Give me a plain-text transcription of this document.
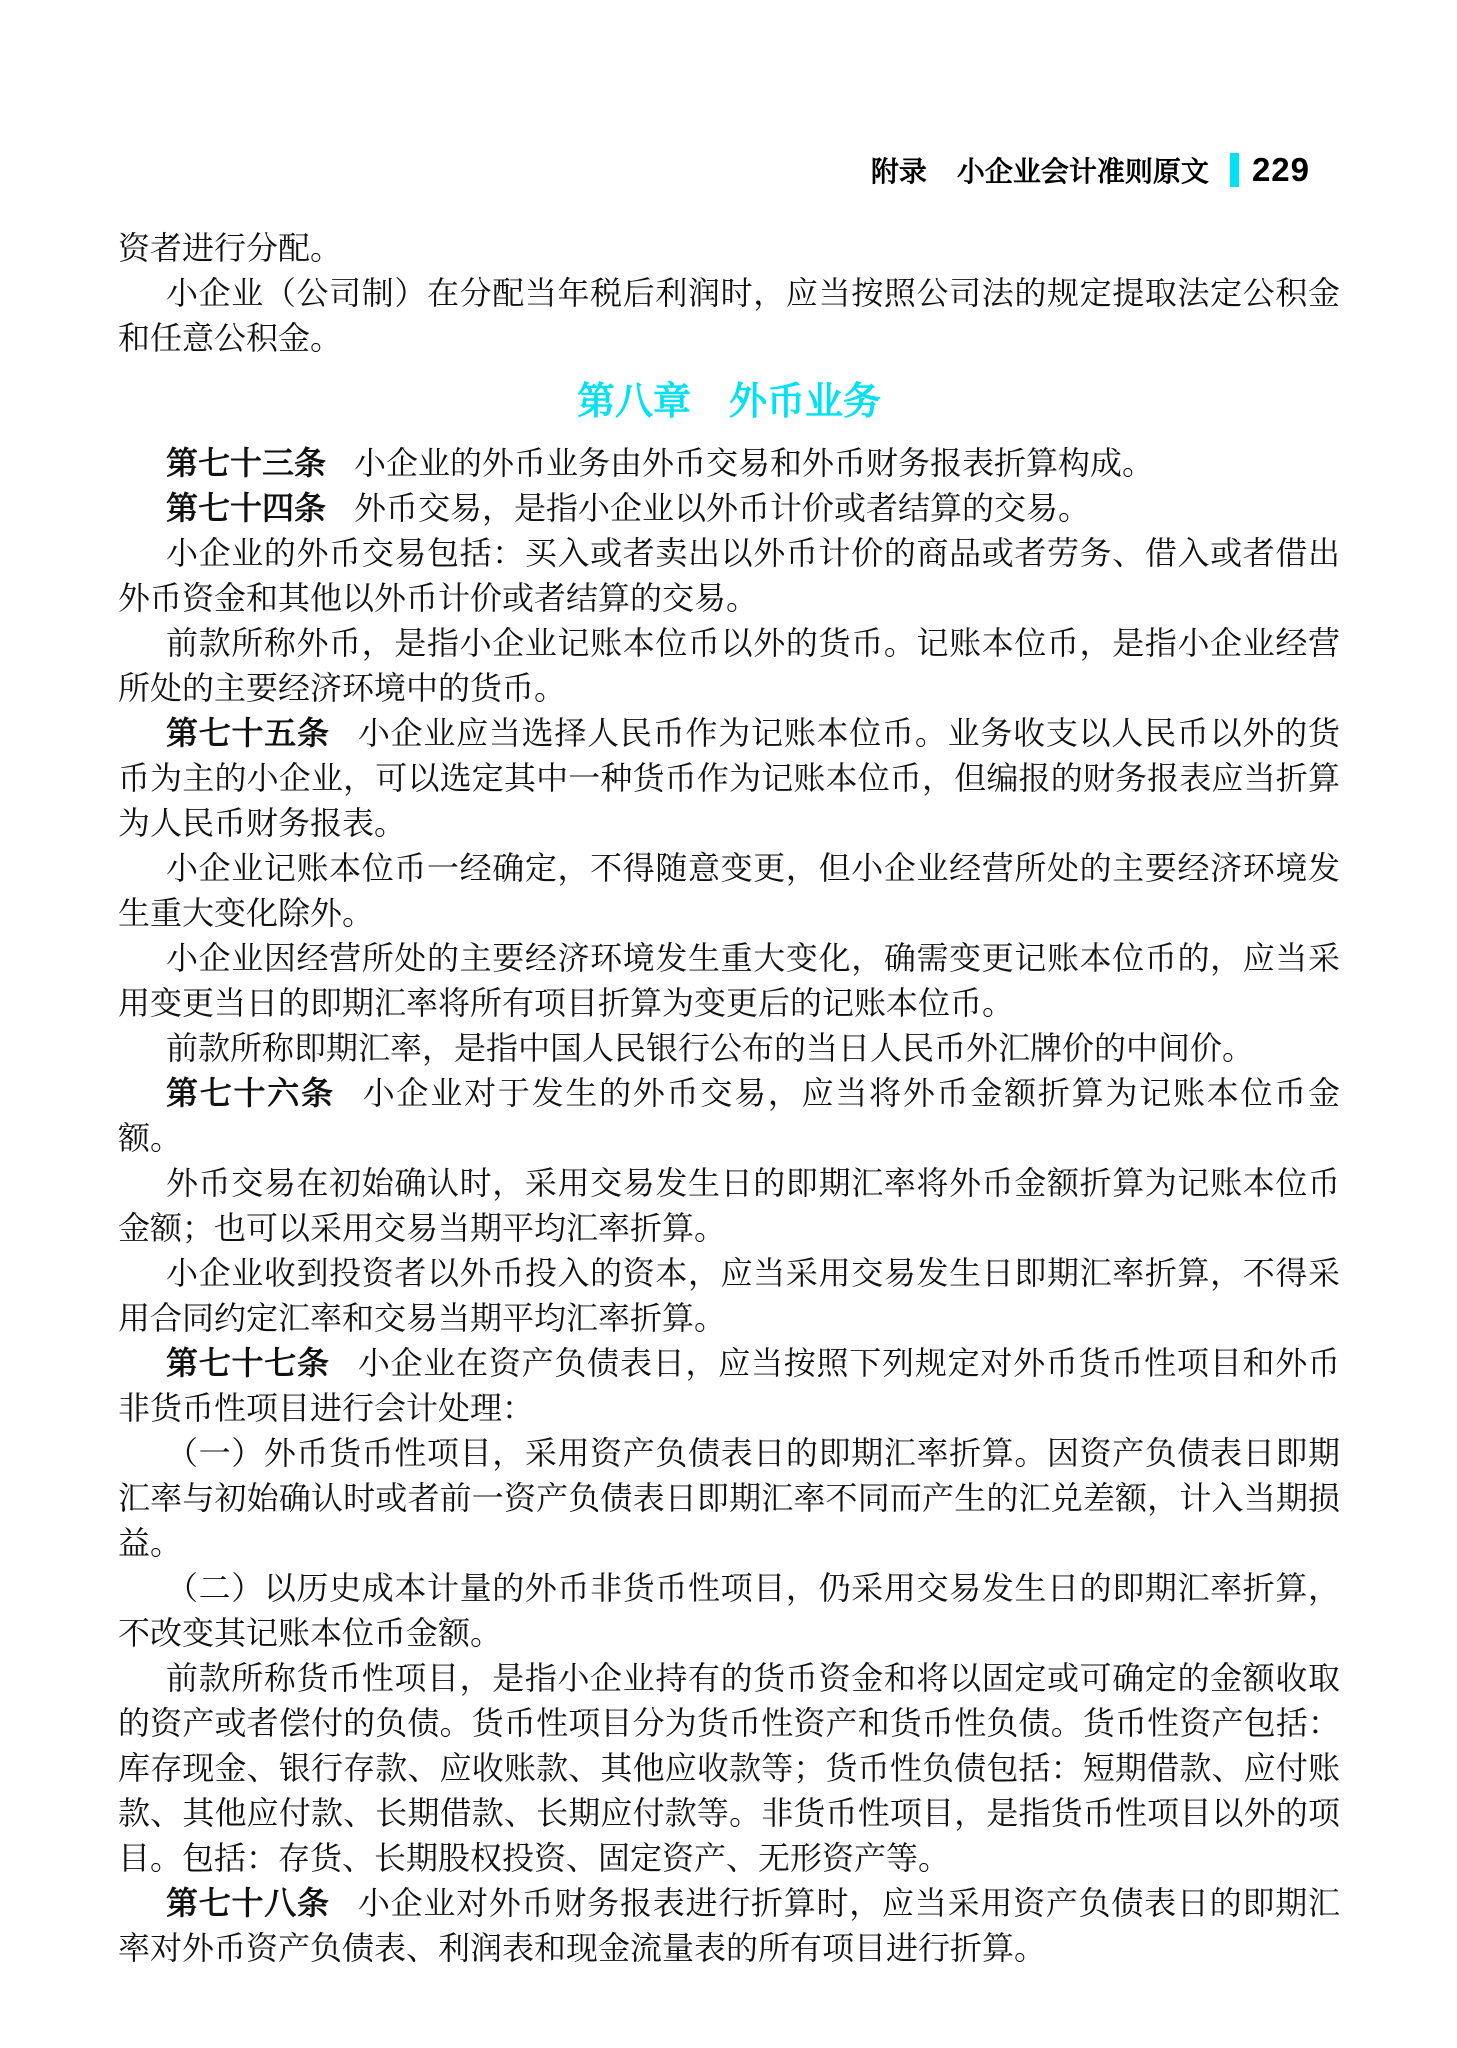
附录 小企业会计准则原文 229

资者进行分配。

小企业（公司制）在分配当年税后利润时，应当按照公司法的规定提取法定公积金和任意公积金。

第八章　外币业务

第七十三条 小企业的外币业务由外币交易和外币财务报表折算构成。

第七十四条 外币交易，是指小企业以外币计价或者结算的交易。

小企业的外币交易包括：买入或者卖出以外币计价的商品或者劳务、借入或者借出外币资金和其他以外币计价或者结算的交易。

前款所称外币，是指小企业记账本位币以外的货币。记账本位币，是指小企业经营所处的主要经济环境中的货币。

第七十五条 小企业应当选择人民币作为记账本位币。业务收支以人民币以外的货币为主的小企业，可以选定其中一种货币作为记账本位币，但编报的财务报表应当折算为人民币财务报表。

小企业记账本位币一经确定，不得随意变更，但小企业经营所处的主要经济环境发生重大变化除外。

小企业因经营所处的主要经济环境发生重大变化，确需变更记账本位币的，应当采用变更当日的即期汇率将所有项目折算为变更后的记账本位币。

前款所称即期汇率，是指中国人民银行公布的当日人民币外汇牌价的中间价。

第七十六条 小企业对于发生的外币交易，应当将外币金额折算为记账本位币金额。

外币交易在初始确认时，采用交易发生日的即期汇率将外币金额折算为记账本位币金额；也可以采用交易当期平均汇率折算。

小企业收到投资者以外币投入的资本，应当采用交易发生日即期汇率折算，不得采用合同约定汇率和交易当期平均汇率折算。

第七十七条 小企业在资产负债表日，应当按照下列规定对外币货币性项目和外币非货币性项目进行会计处理：

（一）外币货币性项目，采用资产负债表日的即期汇率折算。因资产负债表日即期汇率与初始确认时或者前一资产负债表日即期汇率不同而产生的汇兑差额，计入当期损益。

（二）以历史成本计量的外币非货币性项目，仍采用交易发生日的即期汇率折算，不改变其记账本位币金额。

前款所称货币性项目，是指小企业持有的货币资金和将以固定或可确定的金额收取的资产或者偿付的负债。货币性项目分为货币性资产和货币性负债。货币性资产包括：库存现金、银行存款、应收账款、其他应收款等；货币性负债包括：短期借款、应付账款、其他应付款、长期借款、长期应付款等。非货币性项目，是指货币性项目以外的项目。包括：存货、长期股权投资、固定资产、无形资产等。

第七十八条 小企业对外币财务报表进行折算时，应当采用资产负债表日的即期汇率对外币资产负债表、利润表和现金流量表的所有项目进行折算。
